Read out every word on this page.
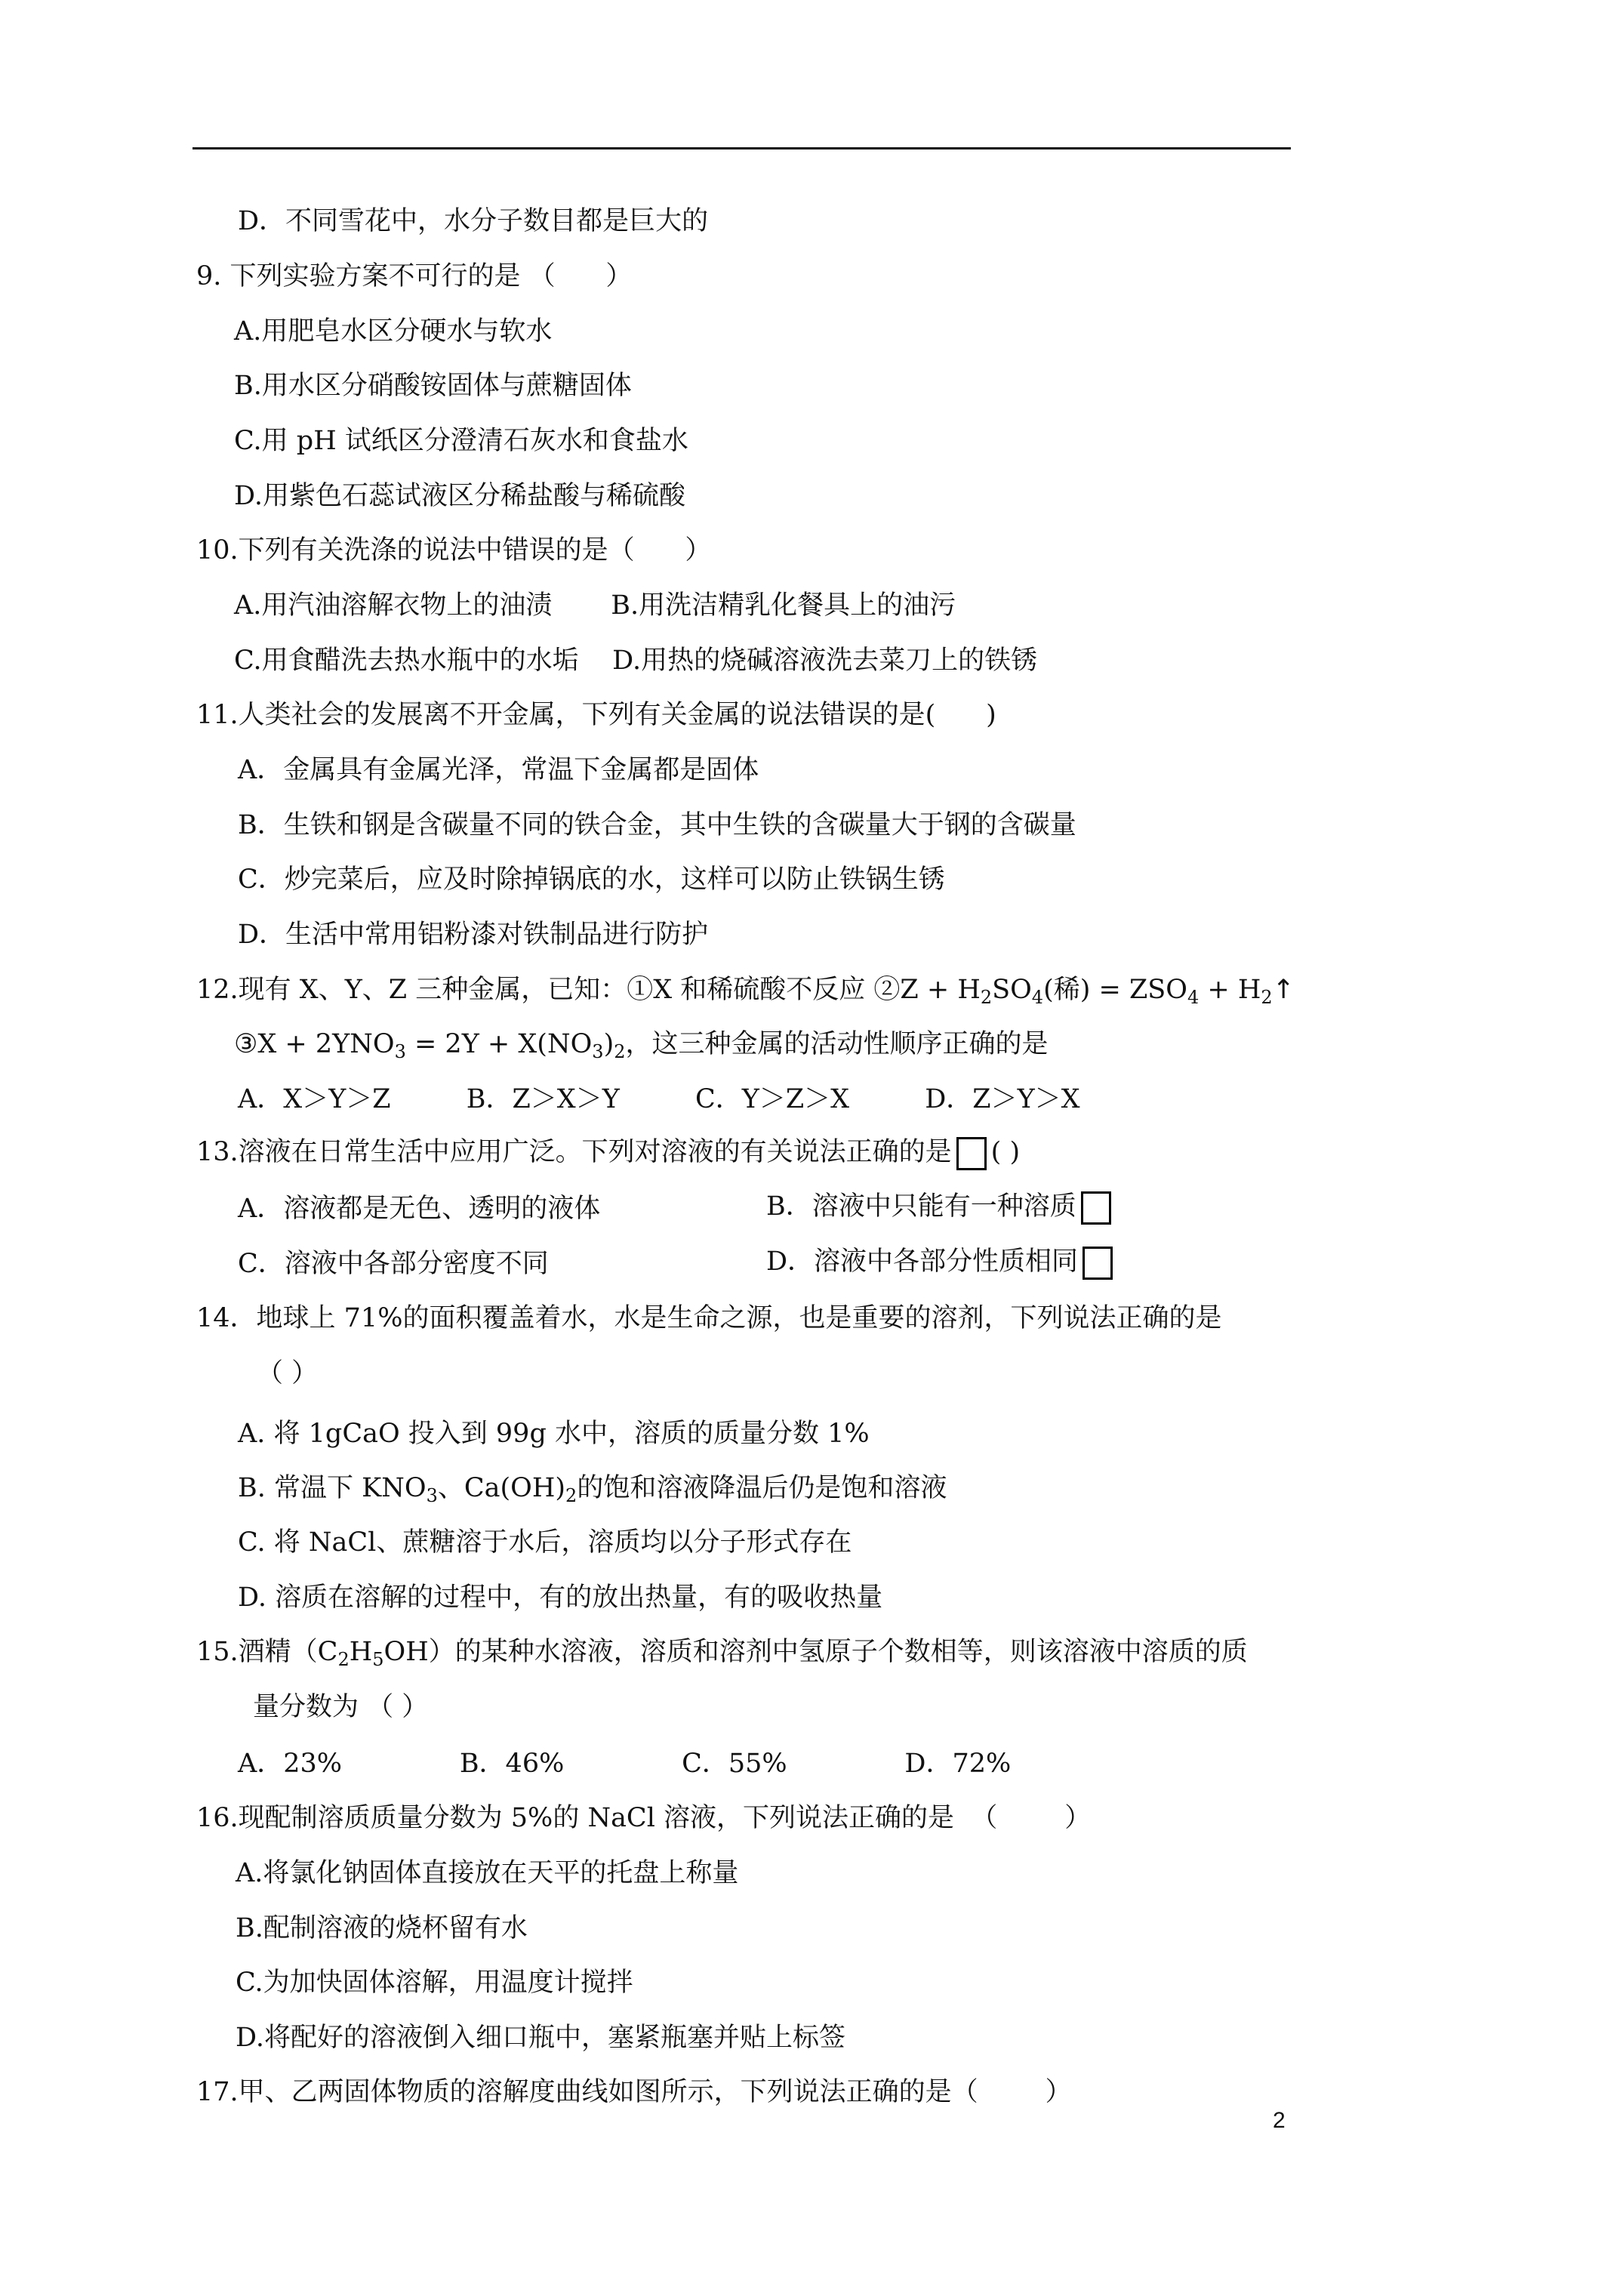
D．不同雪花中，水分子数目都是巨大的
9. 下列实验方案不可行的是 （      ）
A.用肥皂水区分硬水与软水
B.用水区分硝酸铵固体与蔗糖固体
C.用 pH 试纸区分澄清石灰水和食盐水
D.用紫色石蕊试液区分稀盐酸与稀硫酸
10.下列有关洗涤的说法中错误的是（      ）
A.用汽油溶解衣物上的油渍       B.用洗洁精乳化餐具上的油污
C.用食醋洗去热水瓶中的水垢    D.用热的烧碱溶液洗去菜刀上的铁锈
11.人类社会的发展离不开金属，下列有关金属的说法错误的是(      )
A．金属具有金属光泽，常温下金属都是固体
B．生铁和钢是含碳量不同的铁合金，其中生铁的含碳量大于钢的含碳量
C．炒完菜后，应及时除掉锅底的水，这样可以防止铁锅生锈
D．生活中常用铝粉漆对铁制品进行防护
12.现有 X、Y、Z 三种金属，已知：①X 和稀硫酸不反应 ②Z + $H_2SO_4$(稀) = $ZSO_4$ + $H_2↑$
③X + $2YNO_3 = 2Y + X(NO_3)_2$，这三种金属的活动性顺序正确的是
A．X＞Y＞Z         B．Z＞X＞Y         C．Y＞Z＞X         D．Z＞Y＞X
13.溶液在日常生活中应用广泛。下列对溶液的有关说法正确的是 ( )
A．溶液都是无色、透明的液体	B．溶液中只能有一种溶质
C．溶液中各部分密度不同	D．溶液中各部分性质相同
14．地球上 71%的面积覆盖着水，水是生命之源，也是重要的溶剂，下列说法正确的是
（ ）
A. 将 1gCaO 投入到 99g 水中，溶质的质量分数 1%
B. 常温下 $KNO_3$、$Ca(OH)_2$的饱和溶液降温后仍是饱和溶液
C. 将 NaCl、蔗糖溶于水后，溶质均以分子形式存在
D. 溶质在溶解的过程中，有的放出热量，有的吸收热量
15.酒精$(C_2H_5OH)$的某种水溶液，溶质和溶剂中氢原子个数相等，则该溶液中溶质的质
量分数为 （ ）
A．23%              B．46%              C．55%              D．72%
16.现配制溶质质量分数为 5%的 NaCl 溶液，下列说法正确的是  （        ）
A.将氯化钠固体直接放在天平的托盘上称量
B.配制溶液的烧杯留有水
C.为加快固体溶解，用温度计搅拌
D.将配好的溶液倒入细口瓶中，塞紧瓶塞并贴上标签
17.甲、乙两固体物质的溶解度曲线如图所示，下列说法正确的是（        ）
2
